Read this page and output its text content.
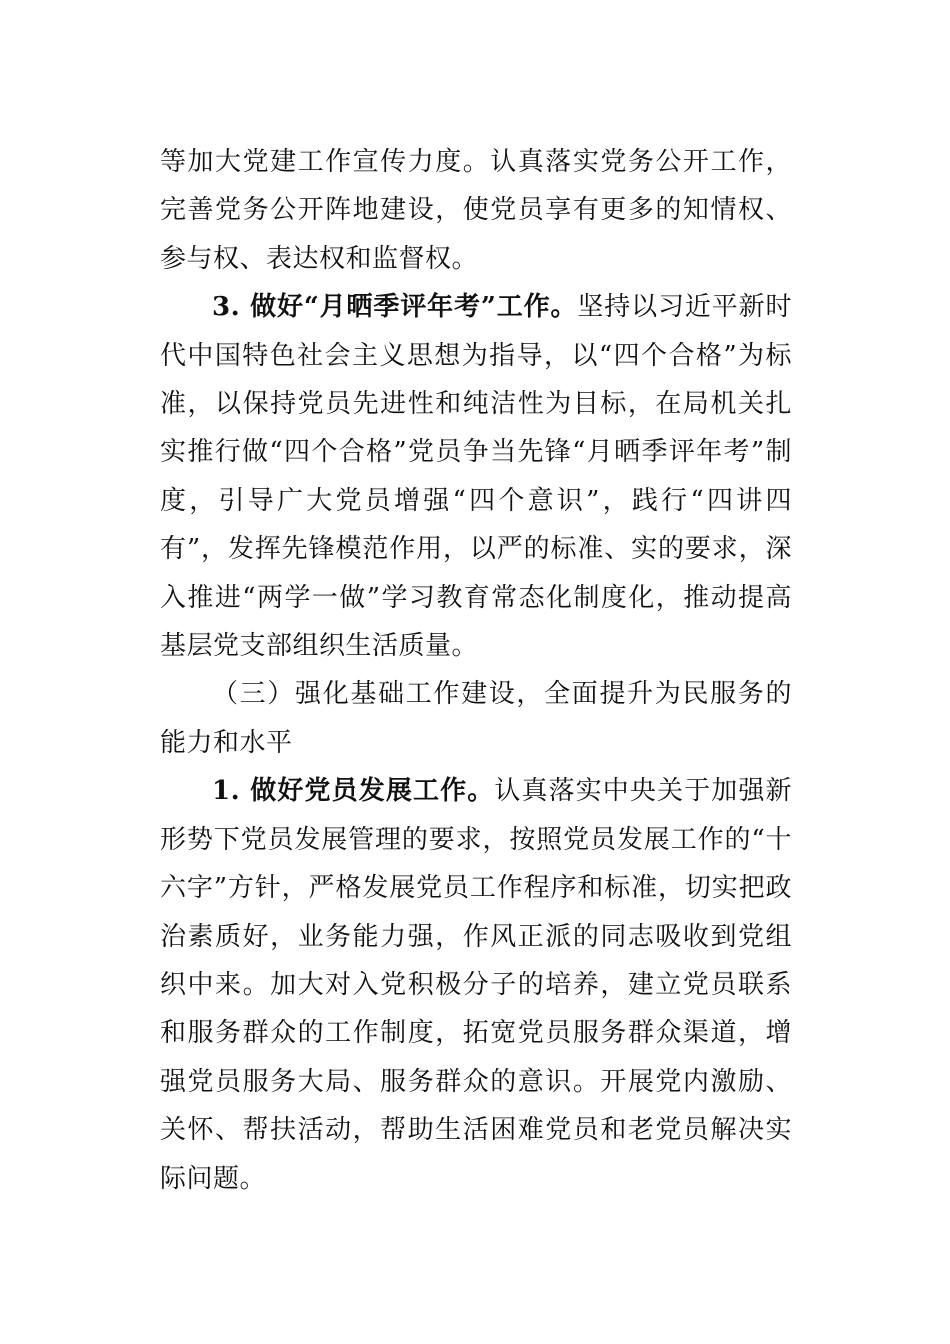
等加大党建工作宣传力度。认真落实党务公开工作，完善党务公开阵地建设，使党员享有更多的知情权、参与权、表达权和监督权。

3. 做好“月晒季评年考”工作。坚持以习近平新时代中国特色社会主义思想为指导，以“四个合格”为标准，以保持党员先进性和纯洁性为目标，在局机关扎实推行做“四个合格”党员争当先锋“月晒季评年考”制度，引导广大党员增强“四个意识”，践行“四讲四有”，发挥先锋模范作用，以严的标准、实的要求，深入推进“两学一做”学习教育常态化制度化，推动提高基层党支部组织生活质量。

（三）强化基础工作建设，全面提升为民服务的能力和水平

1. 做好党员发展工作。认真落实中央关于加强新形势下党员发展管理的要求，按照党员发展工作的“十六字”方针，严格发展党员工作程序和标准，切实把政治素质好，业务能力强，作风正派的同志吸收到党组织中来。加大对入党积极分子的培养，建立党员联系和服务群众的工作制度，拓宽党员服务群众渠道，增强党员服务大局、服务群众的意识。开展党内激励、关怀、帮扶活动，帮助生活困难党员和老党员解决实际问题。
